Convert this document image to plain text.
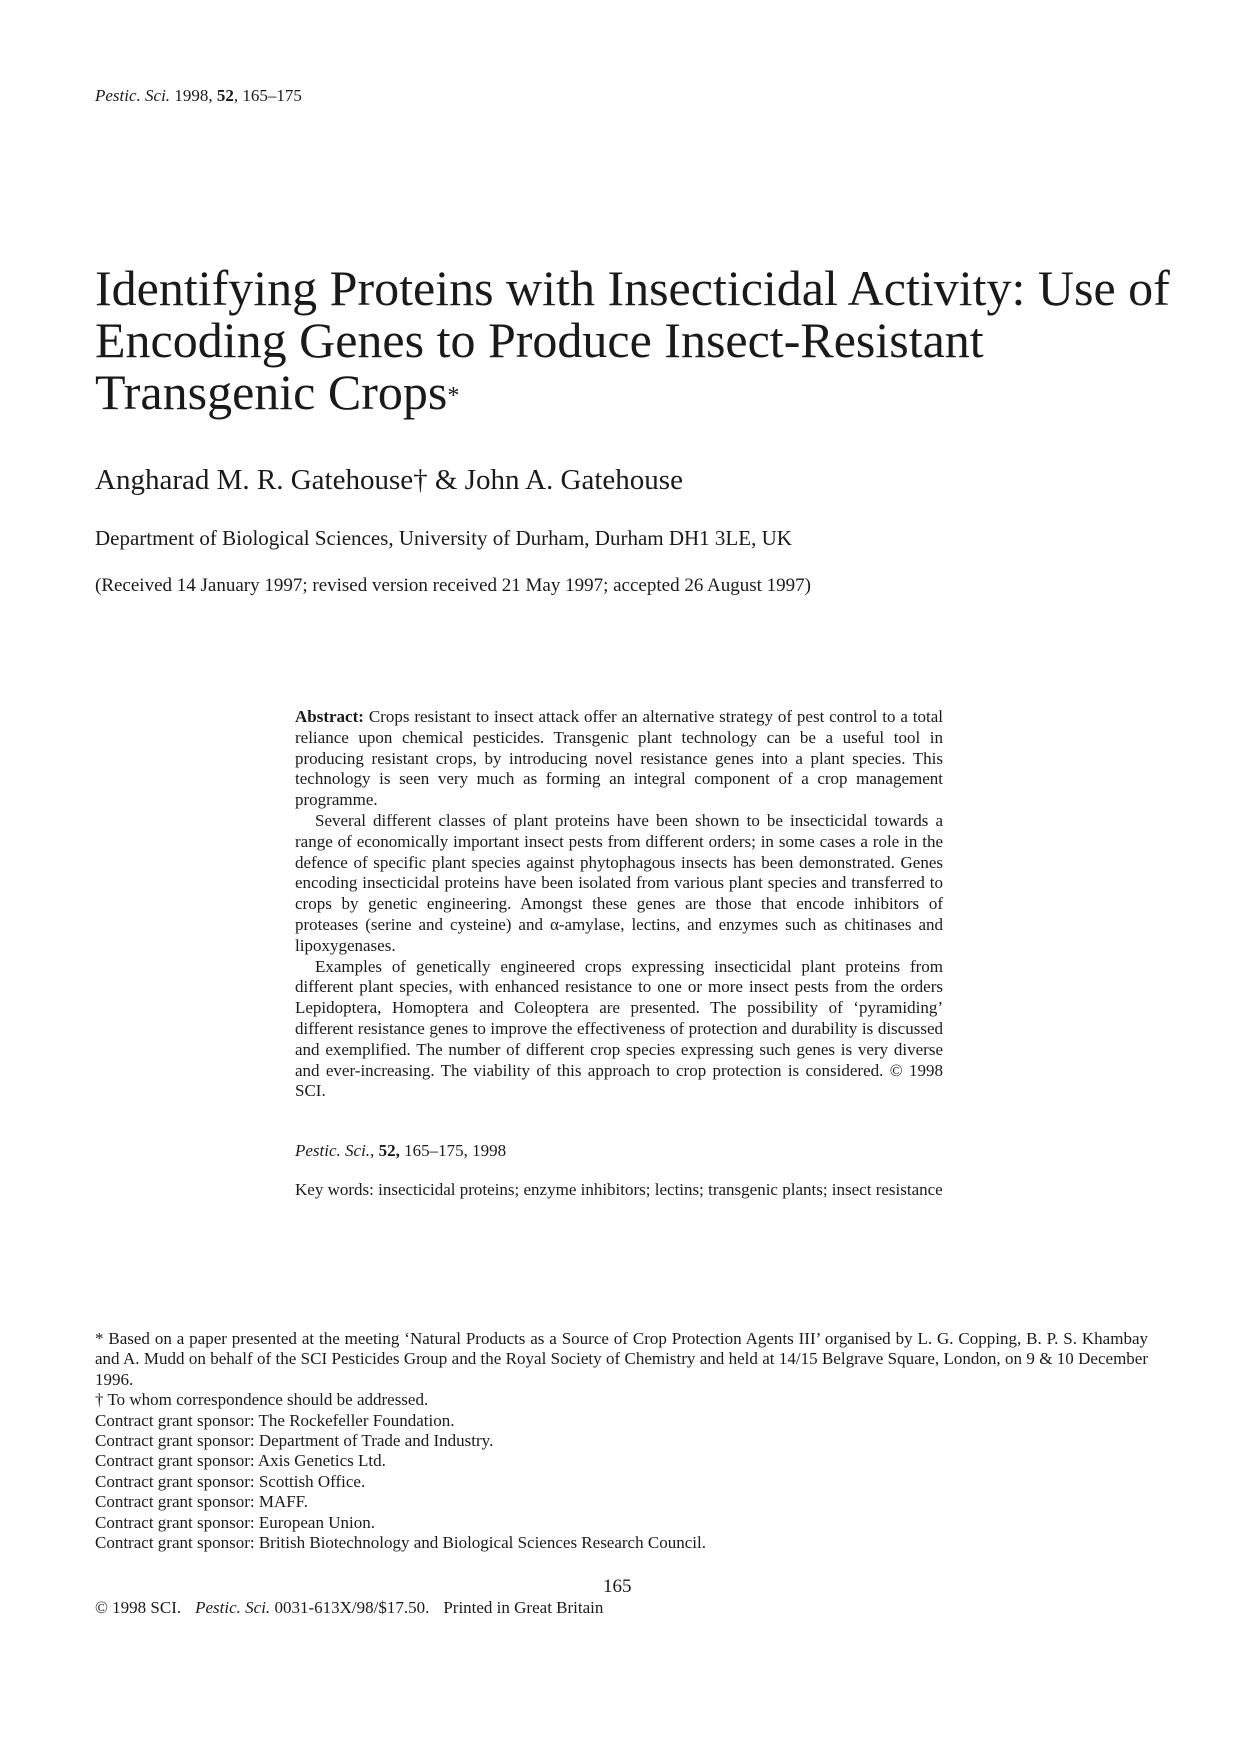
Pestic. Sci. 1998, 52, 165–175
Identifying Proteins with Insecticidal Activity: Use of Encoding Genes to Produce Insect-Resistant Transgenic Crops*
Angharad M. R. Gatehouse† & John A. Gatehouse
Department of Biological Sciences, University of Durham, Durham DH1 3LE, UK
(Received 14 January 1997; revised version received 21 May 1997; accepted 26 August 1997)

Abstract: Crops resistant to insect attack offer an alternative strategy of pest control to a total reliance upon chemical pesticides. Transgenic plant technology can be a useful tool in producing resistant crops, by introducing novel resistance genes into a plant species. This technology is seen very much as forming an integral component of a crop management programme.

Several different classes of plant proteins have been shown to be insecticidal towards a range of economically important insect pests from different orders; in some cases a role in the defence of specific plant species against phytophagous insects has been demonstrated. Genes encoding insecticidal proteins have been isolated from various plant species and transferred to crops by genetic engineering. Amongst these genes are those that encode inhibitors of proteases (serine and cysteine) and α-amylase, lectins, and enzymes such as chitinases and lipoxygenases.

Examples of genetically engineered crops expressing insecticidal plant proteins from different plant species, with enhanced resistance to one or more insect pests from the orders Lepidoptera, Homoptera and Coleoptera are presented. The possibility of ‘pyramiding’ different resistance genes to improve the effectiveness of protection and durability is discussed and exemplified. The number of different crop species expressing such genes is very diverse and ever-increasing. The viability of this approach to crop protection is considered. © 1998 SCI.

Pestic. Sci., 52, 165–175, 1998
Key words: insecticidal proteins; enzyme inhibitors; lectins; transgenic plants; insect resistance

* Based on a paper presented at the meeting ‘Natural Products as a Source of Crop Protection Agents III’ organised by L. G. Copping, B. P. S. Khambay and A. Mudd on behalf of the SCI Pesticides Group and the Royal Society of Chemistry and held at 14/15 Belgrave Square, London, on 9 & 10 December 1996.

† To whom correspondence should be addressed.

Contract grant sponsor: The Rockefeller Foundation.

Contract grant sponsor: Department of Trade and Industry.

Contract grant sponsor: Axis Genetics Ltd.

Contract grant sponsor: Scottish Office.

Contract grant sponsor: MAFF.

Contract grant sponsor: European Union.

Contract grant sponsor: British Biotechnology and Biological Sciences Research Council.

165
© 1998 SCI. Pestic. Sci. 0031-613X/98/$17.50. Printed in Great Britain
